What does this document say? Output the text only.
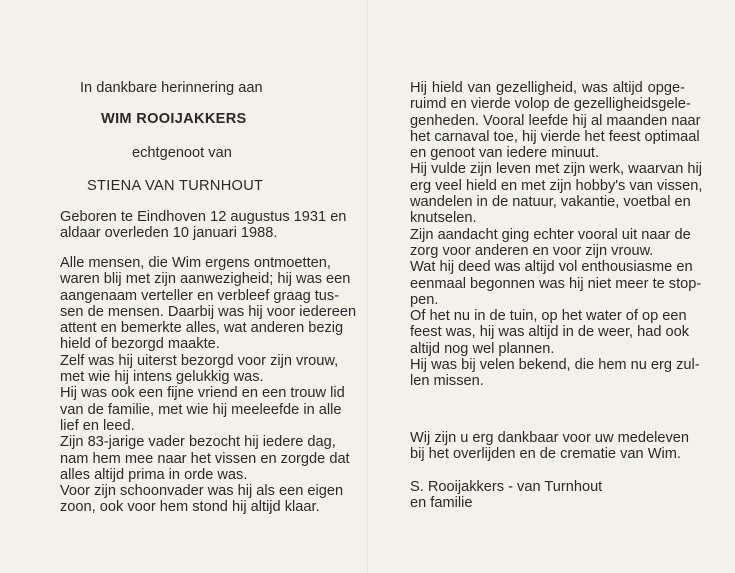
In dankbare herinnering aan
WIM ROOIJAKKERS
echtgenoot van
STIENA VAN TURNHOUT
Geboren te Eindhoven 12 augustus 1931 en
aldaar overleden 10 januari 1988.
Alle mensen, die Wim ergens ontmoetten,
waren blij met zijn aanwezigheid; hij was een
aangenaam verteller en verbleef graag tus-
sen de mensen. Daarbij was hij voor iedereen
attent en bemerkte alles, wat anderen bezig
hield of bezorgd maakte.
Zelf was hij uiterst bezorgd voor zijn vrouw,
met wie hij intens gelukkig was.
Hij was ook een fijne vriend en een trouw lid
van de familie, met wie hij meeleefde in alle
lief en leed.
Zijn 83-jarige vader bezocht hij iedere dag,
nam hem mee naar het vissen en zorgde dat
alles altijd prima in orde was.
Voor zijn schoonvader was hij als een eigen
zoon, ook voor hem stond hij altijd klaar.
Hij hield van gezelligheid, was altijd opge-
ruimd en vierde volop de gezelligheidsgele-
genheden. Vooral leefde hij al maanden naar
het carnaval toe, hij vierde het feest optimaal
en genoot van iedere minuut.
Hij vulde zijn leven met zijn werk, waarvan hij
erg veel hield en met zijn hobby's van vissen,
wandelen in de natuur, vakantie, voetbal en
knutselen.
Zijn aandacht ging echter vooral uit naar de
zorg voor anderen en voor zijn vrouw.
Wat hij deed was altijd vol enthousiasme en
eenmaal begonnen was hij niet meer te stop-
pen.
Of het nu in de tuin, op het water of op een
feest was, hij was altijd in de weer, had ook
altijd nog wel plannen.
Hij was bij velen bekend, die hem nu erg zul-
len missen.
Wij zijn u erg dankbaar voor uw medeleven
bij het overlijden en de crematie van Wim.
S. Rooijakkers - van Turnhout
en familie
